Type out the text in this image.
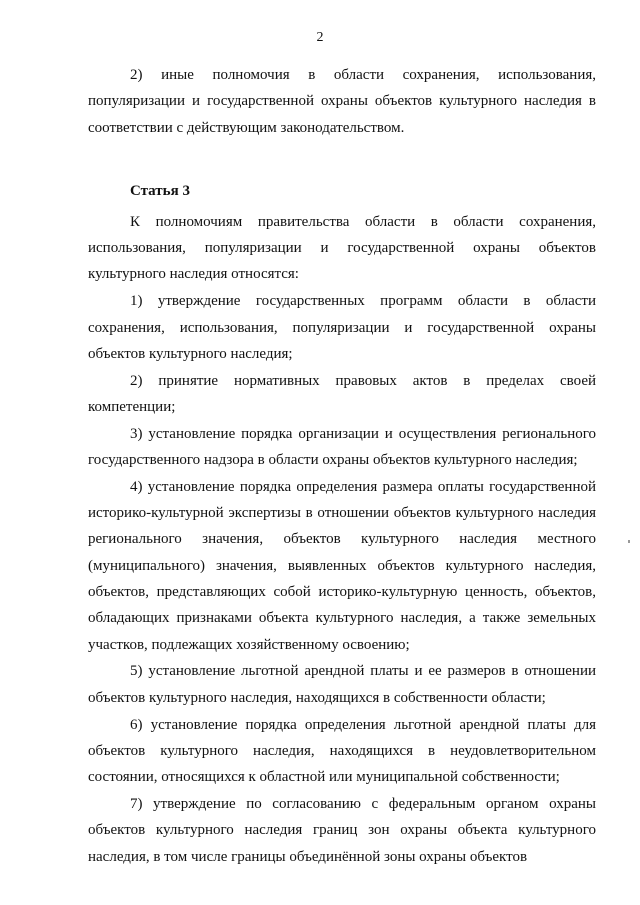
2

2) иные полномочия в области сохранения, использования, популяризации и государственной охраны объектов культурного наследия в соответствии с действующим законодательством.

Статья 3

К полномочиям правительства области в области сохранения, использования, популяризации и государственной охраны объектов культурного наследия относятся:

1) утверждение государственных программ области в области сохранения, использования, популяризации и государственной охраны объектов культурного наследия;

2) принятие нормативных правовых актов в пределах своей компетенции;

3) установление порядка организации и осуществления регионального государственного надзора в области охраны объектов культурного наследия;

4) установление порядка определения размера оплаты государственной историко-культурной экспертизы в отношении объектов культурного наследия регионального значения, объектов культурного наследия местного (муниципального) значения, выявленных объектов культурного наследия, объектов, представляющих собой историко-культурную ценность, объектов, обладающих признаками объекта культурного наследия, а также земельных участков, подлежащих хозяйственному освоению;

5) установление льготной арендной платы и ее размеров в отношении объектов культурного наследия, находящихся в собственности области;

6) установление порядка определения льготной арендной платы для объектов культурного наследия, находящихся в неудовлетворительном состоянии, относящихся к областной или муниципальной собственности;

7) утверждение по согласованию с федеральным органом охраны объектов культурного наследия границ зон охраны объекта культурного наследия, в том числе границы объединённой зоны охраны объектов
